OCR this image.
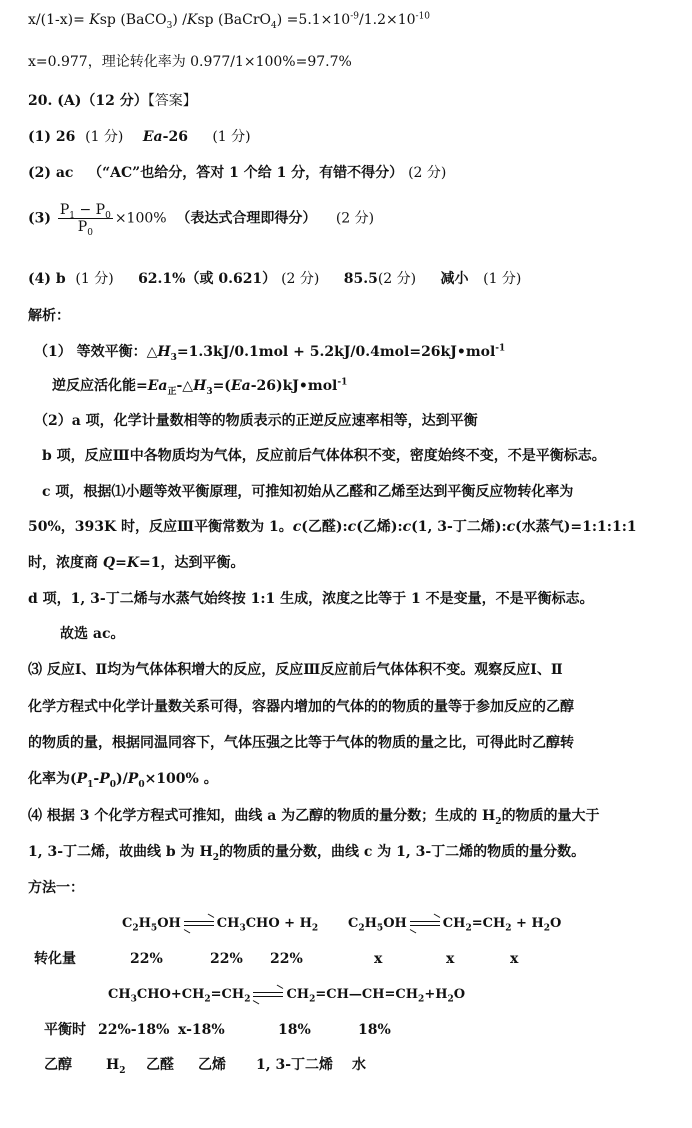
x/(1-x)= Ksp (BaCO$_3$) /Ksp (BaCrO$_4$) $=5.1\times 10^{-9}/1.2\times 10^{-10}$
x=0.977，理论转化率为 0.977/1×100%=97.7%
20. (A)（12 分）【答案】
(1) 26 (1 分) Ea-26 (1 分)
(2) ac （“AC”也给分，答对 1 个给 1 分，有错不得分） (2 分)
$(3) \frac{P_1 - P_0}{P_0} \times 100\%$ （表达式合理即得分） (2 分)
(4) b (1 分) 62.1%（或 0.621） (2 分) 85.5(2 分) 减小 (1 分)
解析：
（1） 等效平衡：$\triangle H_3=1.3kJ/0.1mol$ + 5.2kJ/0.4mol=26kJ•mol$^{-1}$
逆反应活化能$=Ea_正-\triangle H_3=(Ea-26)kJ•mol^{-1}$
（2）a 项，化学计量数相等的物质表示的正逆反应速率相等，达到平衡
b 项，反应Ⅲ中各物质均为气体，反应前后气体体积不变，密度始终不变，不是平衡标志。
c 项，根据⑴小题等效平衡原理，可推知初始从乙醛和乙烯至达到平衡反应物转化率为
50%，393K 时，反应Ⅲ平衡常数为 1。c(乙醛):c(乙烯):c(1, 3-丁二烯):c(水蒸气)=1:1:1:1
时，浓度商 Q=K=1，达到平衡。
d 项，1, 3-丁二烯与水蒸气始终按 1:1 生成，浓度之比等于 1 不是变量，不是平衡标志。
故选 ac。
⑶ 反应Ⅰ、Ⅱ均为气体体积增大的反应，反应Ⅲ反应前后气体体积不变。观察反应Ⅰ、Ⅱ
化学方程式中化学计量数关系可得，容器内增加的气体的的物质的量等于参加反应的乙醇
的物质的量，根据同温同容下，气体压强之比等于气体的物质的量之比，可得此时乙醇转
化率为$(P_1-P_0)/P_0\times 100\%$ 。
⑷ 根据 3 个化学方程式可推知，曲线 a 为乙醇的物质的量分数；生成的 $H_2$的物质的量大于
1, 3-丁二烯，故曲线 b 为 $H_2$的物质的量分数，曲线 c 为 1, 3-丁二烯的物质的量分数。
方法一：
$C_2H_5OH$	$CH_3CHO + H_2$ $C_2H_5OH$	$CH_2=CH_2 + H_2O$
转化量	22%	22% 22%	x	x	x
$CH_3CHO+CH_2=CH_2$	$CH_2=CH—CH=CH_2+H_2O$
平衡时 22%-18% x-18%	18%	18%
乙醇 $H_2$ 乙醛 乙烯 1, 3-丁二烯 水
